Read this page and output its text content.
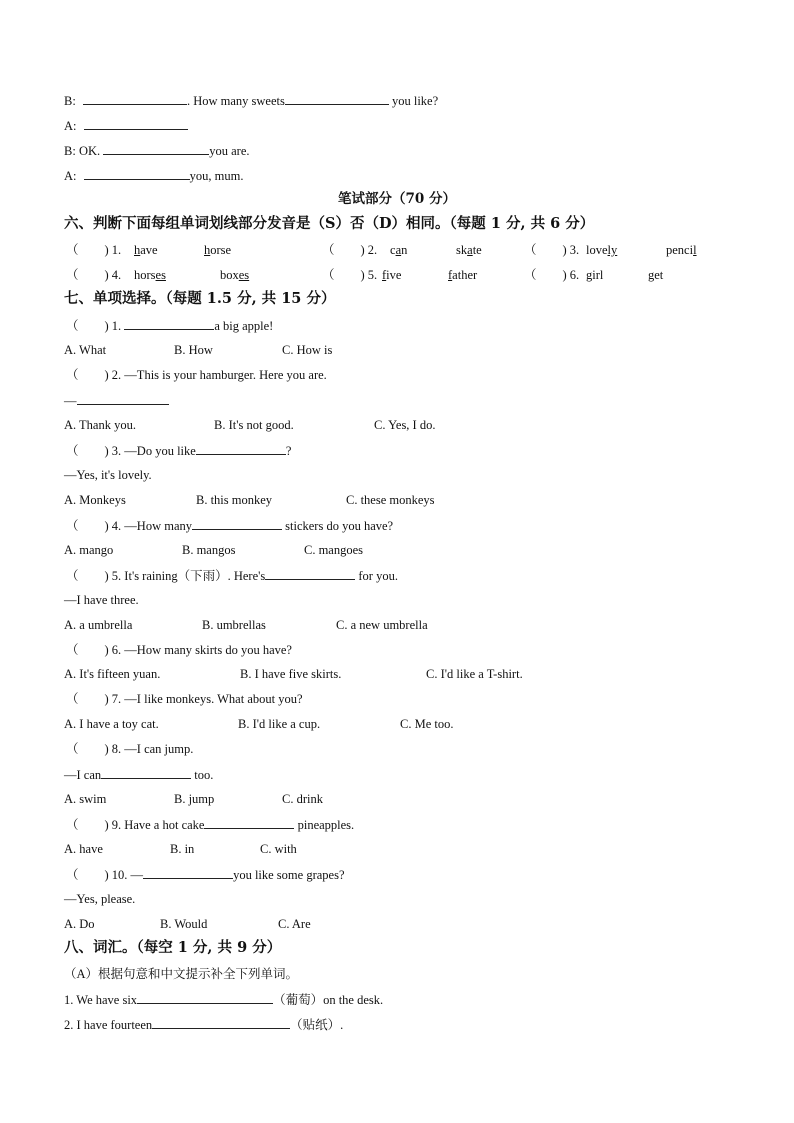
B:	. How many sweets	you like?
A:
B: OK.	you are.
A:	you, mum.
笔试部分（70 分）
六、判断下面每组单词划线部分发音是（S）否（D）相同。（每题 1 分, 共 6 分）
（ ) 1. have	horse	（ ) 2. can	skate	（ ) 3. lovely	pencil
（ ) 4. horses	boxes	（ ) 5. five	father	（ ) 6. girl	get
七、单项选择。（每题 1.5 分, 共 15 分）
（ ) 1.	a big apple!
A. What	B. How	C. How is
（ ) 2. —This is your hamburger. Here you are.
—
A. Thank you.	B. It's not good.	C. Yes, I do.
（ ) 3. —Do you like	?
—Yes, it's lovely.
A. Monkeys	B. this monkey	C. these monkeys
（ ) 4. —How many	stickers do you have?
A. mango	B. mangos	C. mangoes
（ ) 5. It's raining（下雨）. Here's	for you.
—I have three.
A. a umbrella	B. umbrellas	C. a new umbrella
（ ) 6. —How many skirts do you have?
A. It's fifteen yuan.	B. I have five skirts.	C. I'd like a T-shirt.
（ ) 7. —I like monkeys. What about you?
A. I have a toy cat.	B. I'd like a cup.	C. Me too.
（ ) 8. —I can jump.
—I can	too.
A. swim	B. jump	C. drink
（ ) 9. Have a hot cake	pineapples.
A. have	B. in	C. with
（ ) 10. —	you like some grapes?
—Yes, please.
A. Do	B. Would	C. Are
八、词汇。（每空 1 分, 共 9 分）
（A）根据句意和中文提示补全下列单词。
1. We have six	（葡萄）on the desk.
2. I have fourteen	（贴纸）.
